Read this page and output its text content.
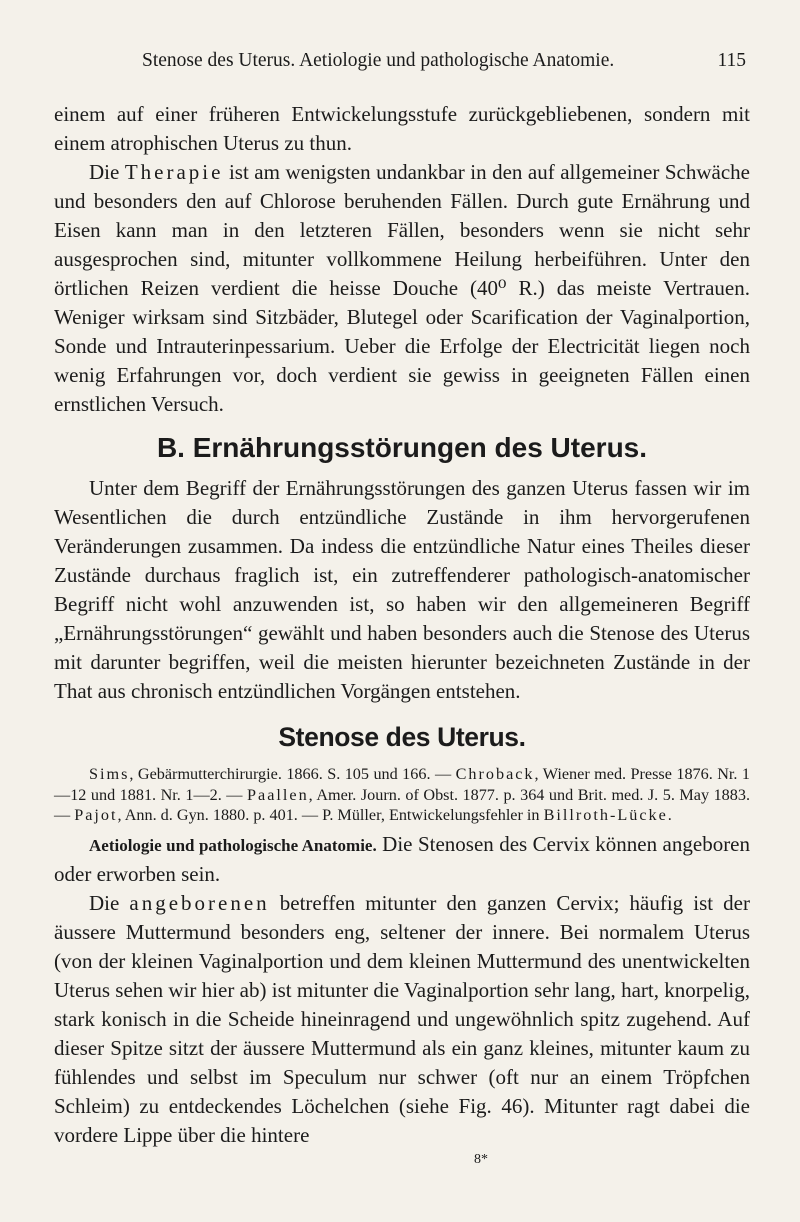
Stenose des Uterus. Aetiologie und pathologische Anatomie.	115

einem auf einer früheren Entwickelungsstufe zurückgebliebenen, sondern mit einem atrophischen Uterus zu thun.

Die Therapie ist am wenigsten undankbar in den auf allgemeiner Schwäche und besonders den auf Chlorose beruhenden Fällen. Durch gute Ernährung und Eisen kann man in den letzteren Fällen, besonders wenn sie nicht sehr ausgesprochen sind, mitunter vollkommene Heilung herbeiführen. Unter den örtlichen Reizen verdient die heisse Douche (40⁰ R.) das meiste Vertrauen. Weniger wirksam sind Sitzbäder, Blutegel oder Scarification der Vaginalportion, Sonde und Intrauterinpessarium. Ueber die Erfolge der Electricität liegen noch wenig Erfahrungen vor, doch verdient sie gewiss in geeigneten Fällen einen ernstlichen Versuch.

B. Ernährungsstörungen des Uterus.

Unter dem Begriff der Ernährungsstörungen des ganzen Uterus fassen wir im Wesentlichen die durch entzündliche Zustände in ihm hervorgerufenen Veränderungen zusammen. Da indess die entzündliche Natur eines Theiles dieser Zustände durchaus fraglich ist, ein zutreffenderer pathologisch-anatomischer Begriff nicht wohl anzuwenden ist, so haben wir den allgemeineren Begriff „Ernährungsstörungen“ gewählt und haben besonders auch die Stenose des Uterus mit darunter begriffen, weil die meisten hierunter bezeichneten Zustände in der That aus chronisch entzündlichen Vorgängen entstehen.

Stenose des Uterus.

Sims, Gebärmutterchirurgie. 1866. S. 105 und 166. — Chroback, Wiener med. Presse 1876. Nr. 1—12 und 1881. Nr. 1—2. — Paallen, Amer. Journ. of Obst. 1877. p. 364 und Brit. med. J. 5. May 1883. — Pajot, Ann. d. Gyn. 1880. p. 401. — P. Müller, Entwickelungsfehler in Billroth-Lücke.

Aetiologie und pathologische Anatomie. Die Stenosen des Cervix können angeboren oder erworben sein.

Die angeborenen betreffen mitunter den ganzen Cervix; häufig ist der äussere Muttermund besonders eng, seltener der innere. Bei normalem Uterus (von der kleinen Vaginalportion und dem kleinen Muttermund des unentwickelten Uterus sehen wir hier ab) ist mitunter die Vaginalportion sehr lang, hart, knorpelig, stark konisch in die Scheide hineinragend und ungewöhnlich spitz zugehend. Auf dieser Spitze sitzt der äussere Muttermund als ein ganz kleines, mitunter kaum zu fühlendes und selbst im Speculum nur schwer (oft nur an einem Tröpfchen Schleim) zu entdeckendes Löchelchen (siehe Fig. 46). Mitunter ragt dabei die vordere Lippe über die hintere

8*
